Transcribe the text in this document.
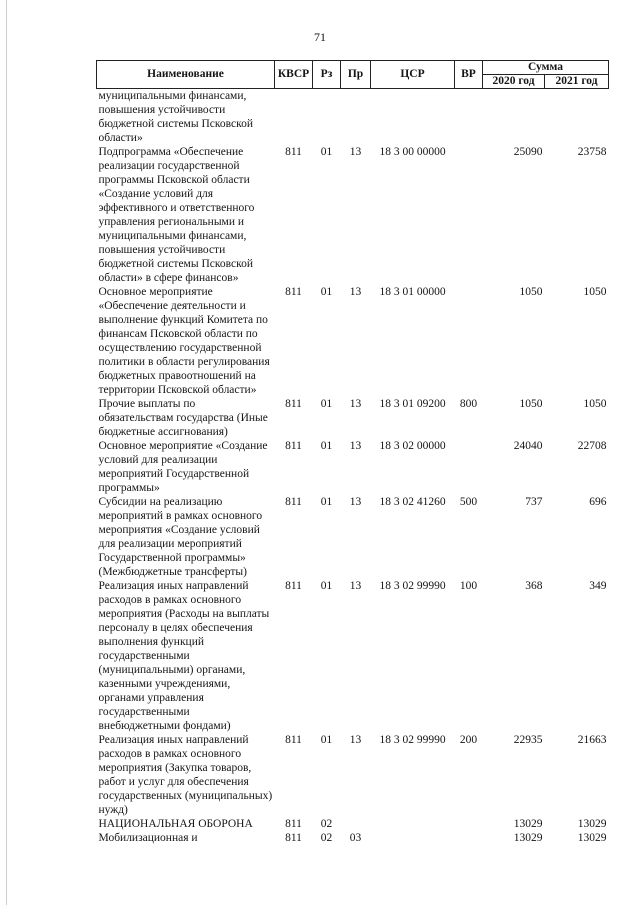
71
Наименование	КВСР	Рз	Пр	ЦСР	ВР	Сумма	
						2020 год	2021 год
муниципальными финансами, повышения устойчивости бюджетной системы Псковской области»							
Подпрограмма «Обеспечение реализации государственной программы Псковской области «Создание условий для эффективного и ответственного управления региональными и муниципальными финансами, повышения устойчивости бюджетной системы Псковской области» в сфере финансов»	811	01	13	18 3 00 00000		25090	23758
Основное мероприятие «Обеспечение деятельности и выполнение функций Комитета по финансам Псковской области по осуществлению государственной политики в области регулирования бюджетных правоотношений на территории Псковской области»	811	01	13	18 3 01 00000		1050	1050
Прочие выплаты по обязательствам государства (Иные бюджетные ассигнования)	811	01	13	18 3 01 09200	800	1050	1050
Основное мероприятие «Создание условий для реализации мероприятий Государственной программы»	811	01	13	18 3 02 00000		24040	22708
Субсидии на реализацию мероприятий в рамках основного мероприятия «Создание условий для реализации мероприятий Государственной программы» (Межбюджетные трансферты)	811	01	13	18 3 02 41260	500	737	696
Реализация иных направлений расходов в рамках основного мероприятия (Расходы на выплаты персоналу в целях обеспечения выполнения функций государственными (муниципальными) органами, казенными учреждениями, органами управления государственными внебюджетными фондами)	811	01	13	18 3 02 99990	100	368	349
Реализация иных направлений расходов в рамках основного мероприятия (Закупка товаров, работ и услуг для обеспечения государственных (муниципальных) нужд)	811	01	13	18 3 02 99990	200	22935	21663
НАЦИОНАЛЬНАЯ ОБОРОНА	811	02				13029	13029
Мобилизационная и	811	02	03			13029	13029
